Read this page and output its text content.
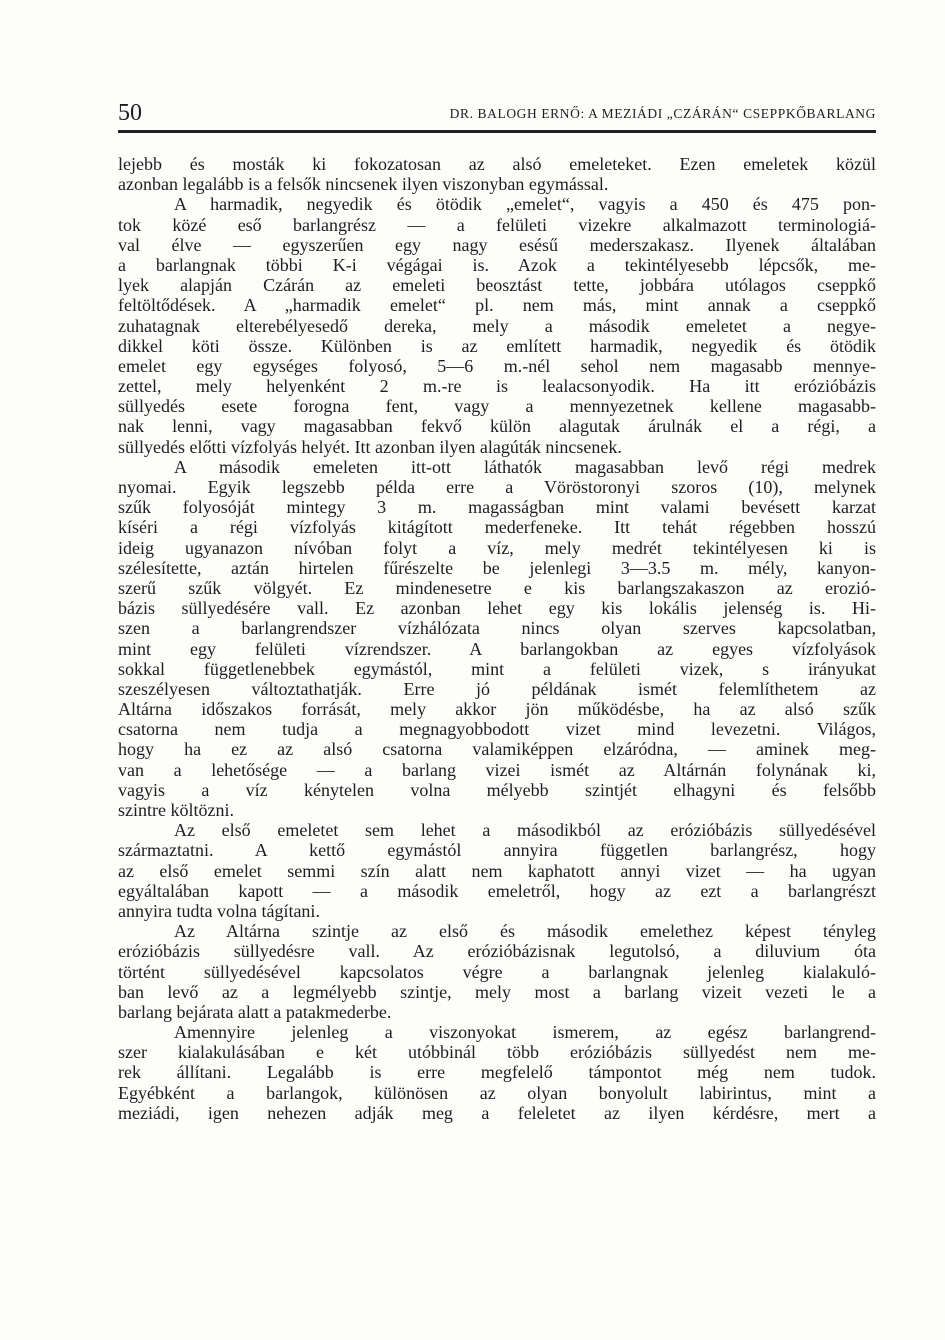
50	DR. BALOGH ERNŐ: A MEZIÁDI „CZÁRÁN“ CSEPPKŐBARLANG
lejebb és mosták ki fokozatosan az alsó emeleteket. Ezen emeletek közül
azonban legalább is a felsők nincsenek ilyen viszonyban egymással.
A harmadik, negyedik és ötödik „emelet“, vagyis a 450 és 475 pon-
tok közé eső barlangrész — a felületi vizekre alkalmazott terminologiá-
val élve — egyszerűen egy nagy esésű mederszakasz. Ilyenek általában
a barlangnak többi K-i végágai is. Azok a tekintélyesebb lépcsők, me-
lyek alapján Czárán az emeleti beosztást tette, jobbára utólagos cseppkő
feltöltődések. A „harmadik emelet“ pl. nem más, mint annak a cseppkő
zuhatagnak elterebélyesedő dereka, mely a második emeletet a negye-
dikkel köti össze. Különben is az említett harmadik, negyedik és ötödik
emelet egy egységes folyosó, 5—6 m.-nél sehol nem magasabb mennye-
zettel, mely helyenként 2 m.-re is lealacsonyodik. Ha itt erózióbázis
süllyedés esete forogna fent, vagy a mennyezetnek kellene magasabb-
nak lenni, vagy magasabban fekvő külön alagutak árulnák el a régi, a
süllyedés előtti vízfolyás helyét. Itt azonban ilyen alagúták nincsenek.
A második emeleten itt-ott láthatók magasabban levő régi medrek
nyomai. Egyik legszebb példa erre a Vöröstoronyi szoros (10), melynek
szűk folyosóját mintegy 3 m. magasságban mint valami bevésett karzat
kíséri a régi vízfolyás kitágított mederfeneke. Itt tehát régebben hosszú
ideig ugyanazon nívóban folyt a víz, mely medrét tekintélyesen ki is
szélesítette, aztán hirtelen fűrészelte be jelenlegi 3—3.5 m. mély, kanyon-
szerű szűk völgyét. Ez mindenesetre e kis barlangszakaszon az erozió-
bázis süllyedésére vall. Ez azonban lehet egy kis lokális jelenség is. Hi-
szen a barlangrendszer vízhálózata nincs olyan szerves kapcsolatban,
mint egy felületi vízrendszer. A barlangokban az egyes vízfolyások
sokkal függetlenebbek egymástól, mint a felületi vizek, s irányukat
szeszélyesen változtathatják. Erre jó példának ismét felemlíthetem az
Altárna időszakos forrását, mely akkor jön működésbe, ha az alsó szűk
csatorna nem tudja a megnagyobbodott vizet mind levezetni. Világos,
hogy ha ez az alsó csatorna valamiképpen elzáródna, — aminek meg-
van a lehetősége — a barlang vizei ismét az Altárnán folynának ki,
vagyis a víz kénytelen volna mélyebb szintjét elhagyni és felsőbb
szintre költözni.
Az első emeletet sem lehet a másodikból az erózióbázis süllyedésével
származtatni. A kettő egymástól annyira független barlangrész, hogy
az első emelet semmi szín alatt nem kaphatott annyi vizet — ha ugyan
egyáltalában kapott — a második emeletről, hogy az ezt a barlangrészt
annyira tudta volna tágítani.
Az Altárna szintje az első és második emelethez képest tényleg
erózióbázis süllyedésre vall. Az erózióbázisnak legutolsó, a diluvium óta
történt süllyedésével kapcsolatos végre a barlangnak jelenleg kialakuló-
ban levő az a legmélyebb szintje, mely most a barlang vizeit vezeti le a
barlang bejárata alatt a patakmederbe.
Amennyire jelenleg a viszonyokat ismerem, az egész barlangrend-
szer kialakulásában e két utóbbinál több erózióbázis süllyedést nem me-
rek állítani. Legalább is erre megfelelő támpontot még nem tudok.
Egyébként a barlangok, különösen az olyan bonyolult labirintus, mint a
meziádi, igen nehezen adják meg a feleletet az ilyen kérdésre, mert a
